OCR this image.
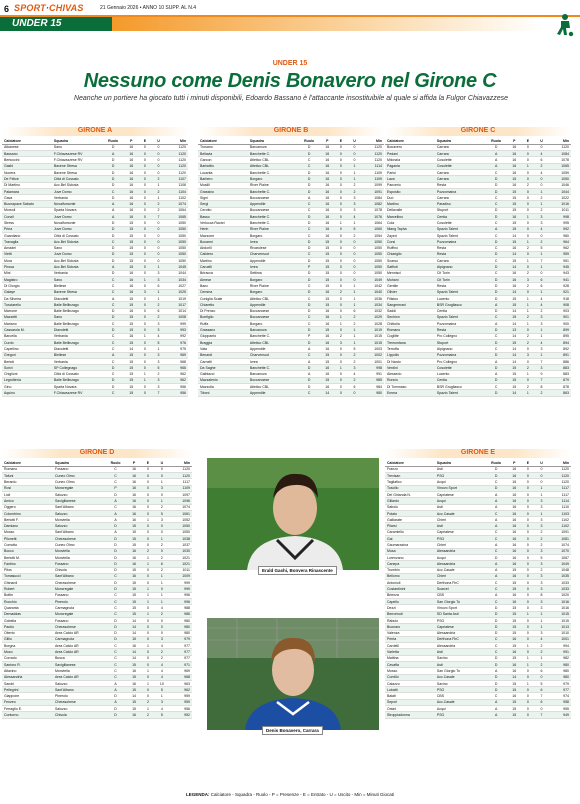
6 SPORT·CHIVAS	21 Gennaio 2026 • ANNO 10 SUPP. AL N.4
UNDER 15
UNDER 15
Nessuno come Denis Bonavero nel Girone C
Neanche un portiere ha giocato tutti i minuti disponibili, Edoardo Bassano è l'attaccante insostituibile al quale si affida la Fulgor Chiavazzese
GIRONE A
Calciatore	Squadra	Ruolo	P	E	U	Min
Albanese	Sano	D	16	0	0	1120
Bassano	F.Chiavazzese RV	A	16	0	0	1120
Bertoccini	F.Chiavazzese RV	D	16	0	0	1120
Gashi	Bavene Stresa	D	16	0	0	1120
Nocera	Bavene Stresa	D	16	0	0	1120
De Felice	Città di Cossato	D	16	0	2	1107
Di Martino	Acc.Bel Sidonia	D	16	0	1	1106
Palamara	Juve Domo	C	16	0	2	1104
Gava	Verbania	D	16	0	1	1102
Buonapace Sabato	Novalfumonte	A	16	0	2	1074
Morsoli	Sparta Novara	A	16	0	2	1064
Conzil	Juve Domo	A	16	0	7	1065
Stress	Novalfumonte	D	15	0	0	1050
Prina	Juve Domo	D	15	0	0	1050
Guardiano	Città di Cossato	D	15	0	0	1050
Travaglia	Acc.Bel Sidonia	C	15	0	0	1050
Amadei	Sano	D	15	0	0	1050
Vietti	Juve Domo	D	15	0	0	1050
Mora	Acc.Bel Sidonia	D	15	0	0	1050
Pirosa	Acc.Bel Sidonia	A	15	0	1	1045
Mini	Verbania	D	16	0	3	1044
Magistro	Sano	C	16	1	3	1034
Di Giorgio	Biellese	C	16	0	6	1027
Gaiaye	Bavene Stresa	C	16	3	1	1025
Da Silveira	Diavoletti	A	15	0	1	1019
Tusciarello	Baile Bellinzago	C	15	0	2	1017
Marrone	Baile Bellinzago	D	16	0	6	1014
Mazzetti	Sano	D	15	0	2	1008
Mariano	Baile Bellinzago	C	15	0	3	999
Cassarola M.	Diavoletti	D	15	0	3	993
Barcella	Verbania	C	16	1	4	992
Curdo	Baile Bellinzago	C	15	0	5	976
Capellino	Diavoletti	C	14	0	1	975
Gregori	Biellese	A	15	0	3	969
Bertoti	Verbania	C	15	0	3	968
Scrivi	SP Collegnago	D	15	0	5	966
Chiglioni	Città di Cossato	C	15	1	2	962
Legrottería	Baile Bellinzago	D	15	1	3	962
Gino	Sparta Novara	D	15	0	3	956
Aquino	F.Chiavazzese RV	C	15	0	7	956
GIRONE B
Calciatore	Squadra	Ruolo	P	E	U	Min
Trosano	Barcanova	D	16	0	0	1120
Bellavia	Banchette C.	D	16	0	0	1120
Garcon	Atletico CBL	C	16	0	0	1120
Barbottio	Atletico CBL	C	16	0	1	1114
Lucanta	Banchette C.	D	16	0	1	1109
Barbero	Borgaro	D	16	0	1	1109
Musilli	River Plaine	D	16	0	2	1099
Grassino	Banchette C.	D	16	0	2	1091
Signi	Boccanoese	A	16	0	3	1084
Sergi	Appendile	C	16	0	3	1082
Cerotto	Boccanoese	C	16	0	3	1078
Basso	Banchette C.	D	16	0	4	1076
Verlucca Ravari	Banchette C.	D	16	1	1	1064
Herin	River Plaine	C	16	0	5	1060
Mazzone	Borgaro	C	16	0	2	1054
Bocarmi	Ivrea	D	15	0	0	1050
Abdorlli	Rivarolese	D	15	0	0	1050
Calidero	Charvensod	C	15	0	0	1050
Martino	Appendile	D	15	0	0	1050
Caruelli	Ivrea	P	15	0	0	1050
Briracca	Settima	D	15	0	0	1050
Aimear	Borgaro	D	15	0	0	1049
Banc	River Plaine	C	15	0	1	1042
Cemma	Borgaro	D	16	2	1	1040
Coniglia Scale	Atletico CBL	C	15	0	1	1036
Chiaretto	Appendile	D	15	0	1	1034
Di Prenzo	Boccanoese	D	16	0	6	1032
Bonfiglio	Boccanoese	C	16	1	2	1029
Ruffa	Borgaro	C	16	1	2	1028
Grassano	Barcanova	D	15	0	1	1019
Gioppanto	Banchette C.	P	16	2	1	1015
Braggia	Atletico CBL	D	16	3	1	1015
Vata	Appendile	A	16	0	5	1003
Benardi	Charvensod	C	15	0	2	1002
Carnelli	Ivrea	A	15	0	2	1001
Da Saghe	Banchette C.	D	16	1	3	998
Galbiacci	Barcanova	A	16	0	4	991
Mazzalenio	Boccanoese	D	15	0	2	985
Mazzolla	Atletico CBL	D	16	0	6	984
Tiboni	Appendile	C	14	0	0	980
GIRONE C
Calciatore	Squadra	Ruolo	P	E	U	Min
Bonavero	Carrara	D	16	0	0	1120
Pedani	Carrara	A	16	0	4	1084
Mitonzia	Cosolette	A	16	0	6	1078
Pagania	Cosolette	A	16	1	2	1065
Parisi	Carrara	C	16	0	4	1059
Lava	Carrara	D	15	0	0	1050
Pancerio	Resta	D	16	2	0	1046
Esposito	Pozzomaina	D	15	0	1	1044
Duò	Carrara	C	15	0	2	1022
Martino	Paradiso	C	15	0	1	1016
Dellavalle	Stuport	D	15	0	2	1011
Marcellino	Centia	D	16	1	3	998
Cola	Cosolette	C	15	0	3	995
Nlang Tapha	Spazio Talent	A	15	0	4	992
Zayed	Spazio Talent	C	14	0	0	980
Corsi	Pozzomaina	D	15	1	2	964
Ruffino	Resta	C	16	2	5	962
Chiariglio	Resta	D	14	0	1	959
Scarso	Carrara	C	15	1	7	951
Saffioti	Alpignano	D	14	0	1	945
Mennisci	Cit Torin	C	16	2	0	943
Mohani	Cit Torin	D	16	3	6	941
Gentile	Resta	D	16	2	6	928
Olivier	Spazio Talent	D	14	0	1	921
Filistoo	Lucento	D	15	1	4	918
Sangermani	BSR Grugliasco	A	15	1	4	908
Saddi	Centia	D	14	1	2	903
Sechion	Spazio Talent	C	15	2	3	901
Chittolia	Pozzomaina	A	14	1	3	900
Romano	Resta	D	13	0	1	899
Coglitte	Pro Collegno	C	14	2	1	895
Tremontana	Stuport	D	15	2	4	894
Terruffa	Alpignano	C	14	0	3	892
Lippolis	Pozzomaina	D	14	3	1	891
Di Nardo	Pro Collegno	A	14	0	7	886
Verdini	Cosolette	D	15	2	3	883
Alessedo	Lucento	A	15	1	9	883
Roncio	Centia	D	15	0	7	879
Di Tommaso	BSR Grugliasco	C	15	2	8	878
Emma	Spazio Talent	D	14	1	2	863
GIRONE D
Calciatore	Squadra	Ruolo	P	E	U	Min
Romano	Fossano	C	16	0	0	1120
Tafuni	Cuneo Olmo	C	16	0	0	1120
Berardo	Cuneo Olmo	C	16	0	1	1117
Rosi	Moncregale	P	16	0	3	1109
Lioli	Saluzzo	D	16	0	0	1097
Amico	Savigllianese	A	16	0	1	1096
Oggero	Sant'Albano	C	16	0	2	1074
Colombino	Saluzzo	A	16	0	5	1061
Bertotti F.	Monviella	A	16	1	3	1052
Damiano	Saluzzo	D	15	0	0	1050
Mosso	Sant'Albano	A	15	0	0	1050
Pilonetti	Cherasohese	D	15	0	1	1038
Comotto	Cuneo Olmo	D	15	0	2	1037
Bocco	Monviella	D	16	2	0	1030
Bertotti M.	Monviella	D	16	1	2	1021
Fantino	Fossano	D	16	1	6	1021
Pitos	Chisola	D	15	0	2	1011
Tomasucci	Sant'Albano	C	16	0	1	1009
Ghinardi	Cherasohese	D	15	0	1	999
Robert	Moncregale	D	15	1	0	999
Bottin	Fossano	C	15	1	1	996
Rocchio	Pinerolo	C	15	1	1	996
Quaranta	Carmagnola	C	15	0	4	988
Demaddas	Moncregale	C	15	1	2	986
Gobella	Fossano	D	14	0	0	980
Pautio	Cherasohese	D	14	0	0	980
Oberto	Area Calcio AR	D	14	0	0	980
Gillio	Carmagnola	D	15	0	3	979
Borgna	Area Calcio AR	C	16	1	4	977
Mozo	Area Calcio AR	C	14	0	2	977
Corrado	Busca	C	14	0	2	977
Santoro R.	Savigllianese	C	15	0	4	971
Altavino	Monviella	C	16	1	4	969
Alessandria	Area Calcio AR	C	15	0	4	968
Sandri	Saluzzo	A	16	1	10	963
Pellegrini	Sant'Albano	A	15	0	5	962
Giappone	Pinerolo	D	14	0	1	959
Fenzeo	Cherasohese	A	15	2	3	959
Ferraglio E.	Saluzzo	D	15	1	4	956
Contorno	Chisola	D	16	2	5	952
GIRONE E
Calciatore	Squadra	Ruolo	P	E	U	Min
Franzo	Asti	D	16	0	0	1120
Trevisan	PSG	D	16	0	0	1120
Tagliafico	Acqui	C	16	0	0	1120
Toscillo	Vinovo Sport	D	16	0	1	1117
Del Ghianda N.	Capriatese	A	16	0	1	1117
Gillardo	Acqui	A	16	0	3	1114
Sabolu	Asti	A	16	0	3	1110
Potato	Acc.Casale	C	16	0	1	1103
Galliarate	Chieri	A	16	0	3	1102
Pilarsi	Asti	A	16	0	3	1102
Caramiello	Capriatese	C	16	0	2	1091
Gai	PSG	C	16	0	2	1081
Gaumarazina	Chieri	A	16	0	2	1074
Musa	Alessandria	C	16	0	3	1070
Lorenzano	Acqui	D	16	0	5	1067
Canepa	Alessandria	A	16	0	3	1049
Trombin	Acc.Casale	A	15	0	2	1048
Bellomo	Chieri	A	16	0	3	1035
Antonioli	Derthona FbC	C	15	0	3	1033
Costantinini	Scarcel	C	15	0	3	1033
Brienza	CBS	A	16	0	8	1020
Capello	San Giorgio To	C	16	0	3	1016
Dezzi	Vinovo Sport	D	15	0	3	1016
Benvenuti	SD Santa Asti	D	15	1	1	1015
Rabulo	PSG	D	15	0	1	1015
Buonaro	Capriatese	D	15	0	1	1013
Valenza	Alessandria	D	15	0	3	1010
Penta	Derthona FbC	C	16	0	4	1001
Cardelli	Alessandria	C	15	1	2	994
Varletta	Asti	C	16	0	2	991
Mattina	Savino	D	15	1	1	982
Cavaffa	Asti	D	16	1	2	980
Mosso	San Giorgio To	A	16	0	6	980
Comillo	Acc.Casale	D	14	0	0	980
Calazzo	Savino	D	15	1	5	979
Lubatti	PSG	D	15	0	6	977
Balati	CBS	C	16	0	7	974
Sepori	Acc.Casale	A	15	0	6	958
Orsini	Acqui	A	15	0	0	955
Stroppiadonna	PSG	A	15	0	7	949
Erald Gashi, Bonvera Rinascente
Denis Bonavero, Carrara
LEGENDA: Calciatore - Squadra - Ruolo - P = Presenze - E = Entrato - U = Uscito - Min = Minuti Giocati
